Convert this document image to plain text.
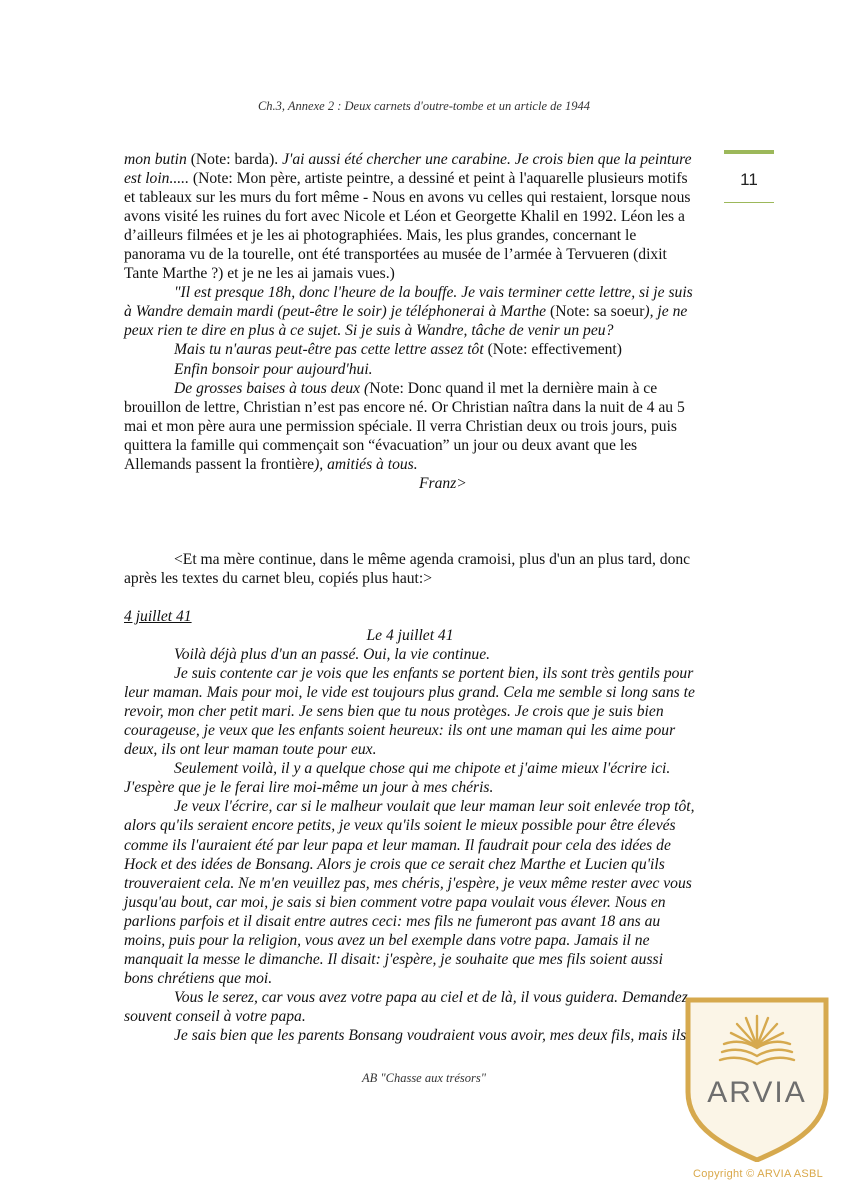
Ch.3, Annexe 2 : Deux carnets d'outre-tombe et un article de 1944
11

mon butin (Note: barda). J'ai aussi été chercher une carabine. Je crois bien que la peinture est loin..... (Note: Mon père, artiste peintre, a dessiné et peint à l'aquarelle plusieurs motifs et tableaux sur les murs du fort même - Nous en avons vu celles qui restaient, lorsque nous avons visité les ruines du fort avec Nicole et Léon et Georgette Khalil en 1992. Léon les a d’ailleurs filmées et je les ai photographiées. Mais, les plus grandes, concernant le panorama vu de la tourelle, ont été transportées au musée de l’armée à Tervueren (dixit Tante Marthe ?) et je ne les ai jamais vues.)

"Il est presque 18h, donc l'heure de la bouffe. Je vais terminer cette lettre, si je suis à Wandre demain mardi (peut-être le soir) je téléphonerai à Marthe (Note: sa soeur), je ne peux rien te dire en plus à ce sujet. Si je suis à Wandre, tâche de venir un peu?

Mais tu n'auras peut-être pas cette lettre assez tôt (Note: effectivement)

Enfin bonsoir pour aujourd'hui.

De grosses baises à tous deux (Note: Donc quand il met la dernière main à ce brouillon de lettre, Christian n’est pas encore né. Or Christian naîtra dans la nuit de 4 au 5 mai et mon père aura une permission spéciale. Il verra Christian deux ou trois jours, puis quittera la famille qui commençait son “évacuation” un jour ou deux avant que les Allemands passent la frontière), amitiés à tous.

Franz>

<Et ma mère continue, dans le même agenda cramoisi, plus d'un an plus tard, donc après les textes du carnet bleu, copiés plus haut:>

4 juillet 41

Le 4 juillet 41

Voilà déjà plus d'un an passé. Oui, la vie continue.

Je suis contente car je vois que les enfants se portent bien, ils sont très gentils pour leur maman. Mais pour moi, le vide est toujours plus grand. Cela me semble si long sans te revoir, mon cher petit mari. Je sens bien que tu nous protèges. Je crois que je suis bien courageuse, je veux que les enfants soient heureux: ils ont une maman qui les aime pour deux, ils ont leur maman toute pour eux.

Seulement voilà, il y a quelque chose qui me chipote et j'aime mieux l'écrire ici. J'espère que je le ferai lire moi-même un jour à mes chéris.

Je veux l'écrire, car si le malheur voulait que leur maman leur soit enlevée trop tôt, alors qu'ils seraient encore petits, je veux qu'ils soient le mieux possible pour être élevés comme ils l'auraient été par leur papa et leur maman. Il faudrait pour cela des idées de Hock et des idées de Bonsang. Alors je crois que ce serait chez Marthe et Lucien qu'ils trouveraient cela. Ne m'en veuillez pas, mes chéris, j'espère, je veux même rester avec vous jusqu'au bout, car moi, je sais si bien comment votre papa voulait vous élever. Nous en parlions parfois et il disait entre autres ceci: mes fils ne fumeront pas avant 18 ans au moins, puis pour la religion, vous avez un bel exemple dans votre papa. Jamais il ne manquait la messe le dimanche. Il disait: j'espère, je souhaite que mes fils soient aussi bons chrétiens que moi.

Vous le serez, car vous avez votre papa au ciel et de là, il vous guidera. Demandez souvent conseil à votre papa.

Je sais bien que les parents Bonsang voudraient vous avoir, mes deux fils, mais ils

AB "Chasse aux trésors"	ARVIA
Copyright © ARVIA ASBL
